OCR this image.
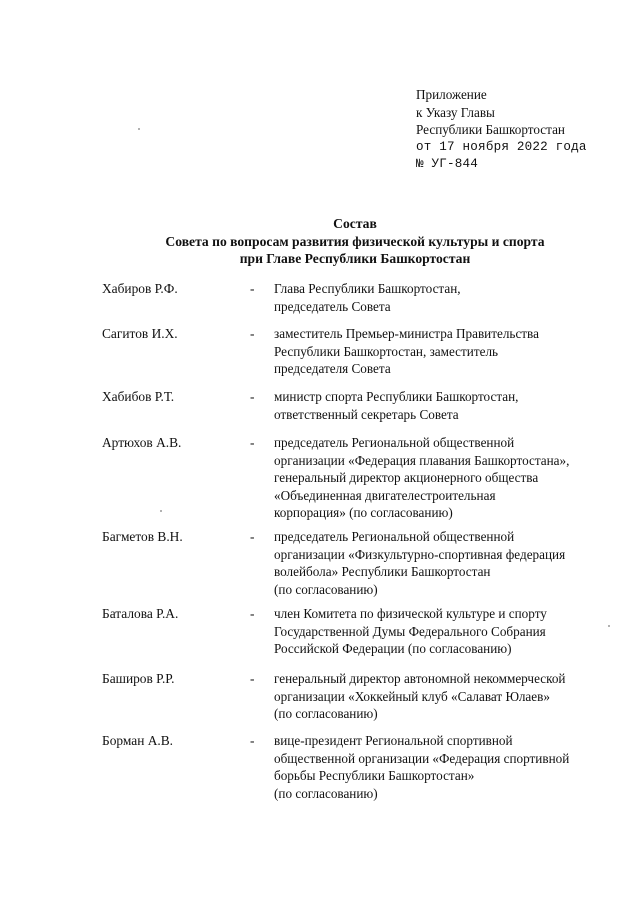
Приложение
к Указу Главы
Республики Башкортостан
от 17 ноября 2022 года
№ УГ-844
Состав
Совета по вопросам развития физической культуры и спорта
при Главе Республики Башкортостан
Хабиров Р.Ф.	- Глава Республики Башкортостан,
председатель Совета
Сагитов И.Х.	- заместитель Премьер-министра Правительства
Республики Башкортостан, заместитель
председателя Совета
Хабибов Р.Т.	- министр спорта Республики Башкортостан,
ответственный секретарь Совета
Артюхов А.В.	- председатель Региональной общественной
организации «Федерация плавания Башкортостана»,
генеральный директор акционерного общества
«Объединенная двигателестроительная
корпорация» (по согласованию)
Багметов В.Н.	- председатель Региональной общественной
организации «Физкультурно-спортивная федерация
волейбола» Республики Башкортостан
(по согласованию)
Баталова Р.А.	- член Комитета по физической культуре и спорту
Государственной Думы Федерального Собрания
Российской Федерации (по согласованию)
Баширов Р.Р.	- генеральный директор автономной некоммерческой
организации «Хоккейный клуб «Салават Юлаев»
(по согласованию)
Борман А.В.	- вице-президент Региональной спортивной
общественной организации «Федерация спортивной
борьбы Республики Башкортостан»
(по согласованию)
